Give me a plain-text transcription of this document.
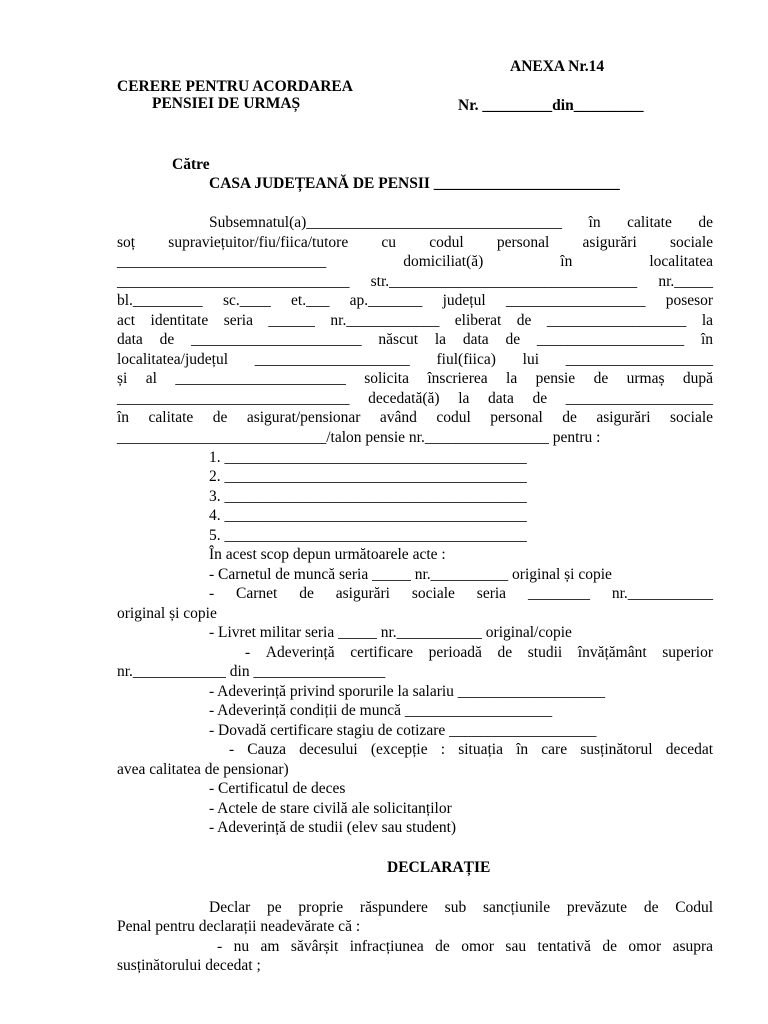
ANEXA Nr.14
CERERE PENTRU ACORDAREA
PENSIEI DE URMAȘ	Nr. _________din_________
Către
CASA JUDEȚEANĂ DE PENSII ________________________
Subsemnatul(a)_________________________________ în calitate de
soț supraviețuitor/fiu/fiica/tutore cu codul personal asigurări sociale
___________________________	domiciliat(ă)	în	localitatea
______________________________ str.________________________________ nr._____
bl._________ sc.____ et.___ ap._______ județul __________________ posesor
act identitate seria ______ nr.____________ eliberat de __________________ la
data de ______________________ născut la data de ___________________ în
localitatea/județul ____________________ fiul(fiica) lui ___________________
și al ______________________ solicita înscrierea la pensie de urmaș după
______________________________ decedată(ă) la data de ___________________
în calitate de asigurat/pensionar având codul personal de asigurări sociale
___________________________/talon pensie nr.________________ pentru :
1. _______________________________________
2. _______________________________________
3. _______________________________________
4. _______________________________________
5. _______________________________________
În acest scop depun următoarele acte :
- Carnetul de muncă seria _____ nr.__________ original și copie
- Carnet de asigurări sociale seria ________ nr.___________
original și copie
- Livret militar seria _____ nr.___________ original/copie
- Adeverință certificare perioadă de studii învățământ superior
nr.____________ din _________________
- Adeverință privind sporurile la salariu ___________________
- Adeverință condiții de muncă ___________________
- Dovadă certificare stagiu de cotizare ___________________
- Cauza decesului (excepție : situația în care susținătorul decedat
avea calitatea de pensionar)
- Certificatul de deces
- Actele de stare civilă ale solicitanților
- Adeverință de studii (elev sau student)
DECLARAȚIE
Declar pe proprie răspundere sub sancțiunile prevăzute de Codul
Penal pentru declarații neadevărate că :
- nu am săvârșit infracțiunea de omor sau tentativă de omor asupra
susținătorului decedat ;
